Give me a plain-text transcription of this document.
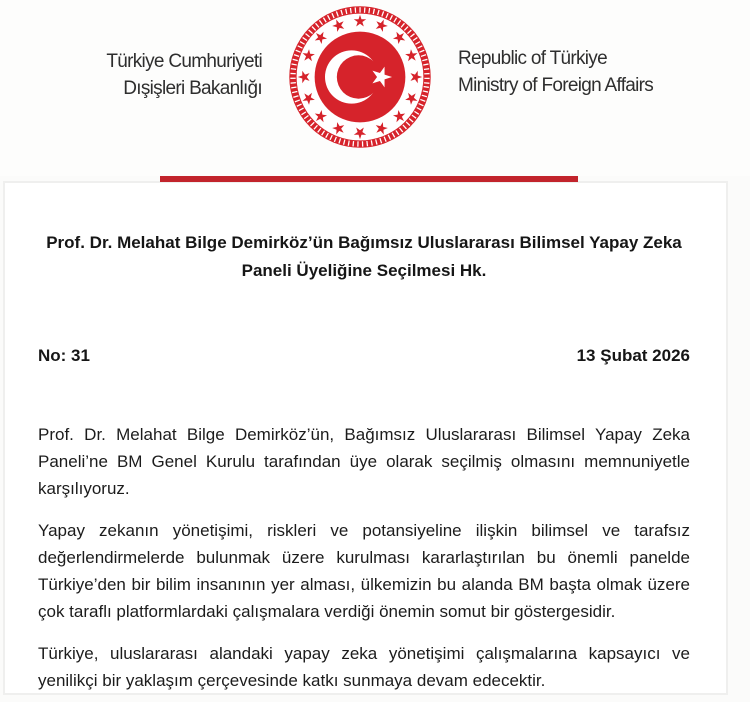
Türkiye Cumhuriyeti
Dışişleri Bakanlığı
Republic of Türkiye
Ministry of Foreign Affairs
Prof. Dr. Melahat Bilge Demirköz’ün Bağımsız Uluslararası Bilimsel Yapay Zeka Paneli Üyeliğine Seçilmesi Hk.
No: 31	13 Şubat 2026

Prof. Dr. Melahat Bilge Demirköz’ün, Bağımsız Uluslararası Bilimsel Yapay Zeka Paneli’ne BM Genel Kurulu tarafından üye olarak seçilmiş olmasını memnuniyetle karşılıyoruz.

Yapay zekanın yönetişimi, riskleri ve potansiyeline ilişkin bilimsel ve tarafsız değerlendirmelerde bulunmak üzere kurulması kararlaştırılan bu önemli panelde Türkiye’den bir bilim insanının yer alması, ülkemizin bu alanda BM başta olmak üzere çok taraflı platformlardaki çalışmalara verdiği önemin somut bir göstergesidir.

Türkiye, uluslararası alandaki yapay zeka yönetişimi çalışmalarına kapsayıcı ve yenilikçi bir yaklaşım çerçevesinde katkı sunmaya devam edecektir.
